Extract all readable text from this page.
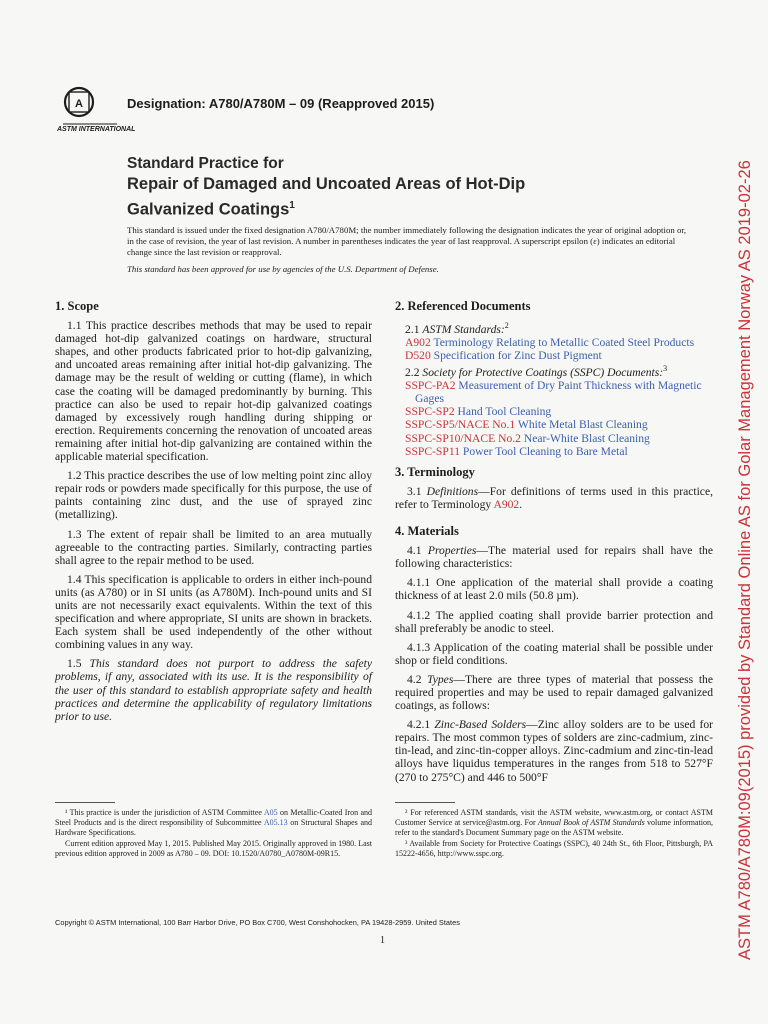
A
ASTM INTERNATIONAL
Designation: A780/A780M – 09 (Reapproved 2015)
Standard Practice for
Repair of Damaged and Uncoated Areas of Hot-Dip
Galvanized Coatings$^1$

This standard is issued under the fixed designation A780/A780M; the number immediately following the designation indicates the year of original adoption or, in the case of revision, the year of last revision. A number in parentheses indicates the year of last reapproval. A superscript epsilon (ε) indicates an editorial change since the last revision or reapproval.

This standard has been approved for use by agencies of the U.S. Department of Defense.

1. Scope

1.1 This practice describes methods that may be used to repair damaged hot-dip galvanized coatings on hardware, structural shapes, and other products fabricated prior to hot-dip galvanizing, and uncoated areas remaining after initial hot-dip galvanizing. The damage may be the result of welding or cutting (flame), in which case the coating will be damaged predominantly by burning. This practice can also be used to repair hot-dip galvanized coatings damaged by excessively rough handling during shipping or erection. Requirements concerning the renovation of uncoated areas remaining after initial hot-dip galvanizing are contained within the applicable material specification.

1.2 This practice describes the use of low melting point zinc alloy repair rods or powders made specifically for this purpose, the use of paints containing zinc dust, and the use of sprayed zinc (metallizing).

1.3 The extent of repair shall be limited to an area mutually agreeable to the contracting parties. Similarly, contracting parties shall agree to the repair method to be used.

1.4 This specification is applicable to orders in either inch-pound units (as A780) or in SI units (as A780M). Inch-pound units and SI units are not necessarily exact equivalents. Within the text of this specification and where appropriate, SI units are shown in brackets. Each system shall be used independently of the other without combining values in any way.

1.5 This standard does not purport to address the safety problems, if any, associated with its use. It is the responsibility of the user of this standard to establish appropriate safety and health practices and determine the applicability of regulatory limitations prior to use.

2. Referenced Documents
2.1 ASTM Standards:$^2$
A902 Terminology Relating to Metallic Coated Steel Products
D520 Specification for Zinc Dust Pigment
2.2 Society for Protective Coatings (SSPC) Documents:$^3$
SSPC-PA2 Measurement of Dry Paint Thickness with Magnetic Gages
SSPC-SP2 Hand Tool Cleaning
SSPC-SP5/NACE No.1 White Metal Blast Cleaning
SSPC-SP10/NACE No.2 Near-White Blast Cleaning
SSPC-SP11 Power Tool Cleaning to Bare Metal
3. Terminology

3.1 Definitions—For definitions of terms used in this practice, refer to Terminology A902.

4. Materials

4.1 Properties—The material used for repairs shall have the following characteristics:

4.1.1 One application of the material shall provide a coating thickness of at least 2.0 mils (50.8 µm).

4.1.2 The applied coating shall provide barrier protection and shall preferably be anodic to steel.

4.1.3 Application of the coating material shall be possible under shop or field conditions.

4.2 Types—There are three types of material that possess the required properties and may be used to repair damaged galvanized coatings, as follows:

4.2.1 Zinc-Based Solders—Zinc alloy solders are to be used for repairs. The most common types of solders are zinc-cadmium, zinc-tin-lead, and zinc-tin-copper alloys. Zinc-cadmium and zinc-tin-lead alloys have liquidus temperatures in the ranges from 518 to 527°F (270 to 275°C) and 446 to 500°F

¹ This practice is under the jurisdiction of ASTM Committee A05 on Metallic-Coated Iron and Steel Products and is the direct responsibility of Subcommittee A05.13 on Structural Shapes and Hardware Specifications.

Current edition approved May 1, 2015. Published May 2015. Originally approved in 1980. Last previous edition approved in 2009 as A780 – 09. DOI: 10.1520/A0780_A0780M-09R15.

² For referenced ASTM standards, visit the ASTM website, www.astm.org, or contact ASTM Customer Service at service@astm.org. For Annual Book of ASTM Standards volume information, refer to the standard's Document Summary page on the ASTM website.

³ Available from Society for Protective Coatings (SSPC), 40 24th St., 6th Floor, Pittsburgh, PA 15222-4656, http://www.sspc.org.

Copyright © ASTM International, 100 Barr Harbor Drive, PO Box C700, West Conshohocken, PA 19428-2959. United States
1	ASTM A780/A780M:09(2015) provided by Standard Online AS for Golar Management Norway AS 2019-02-26
